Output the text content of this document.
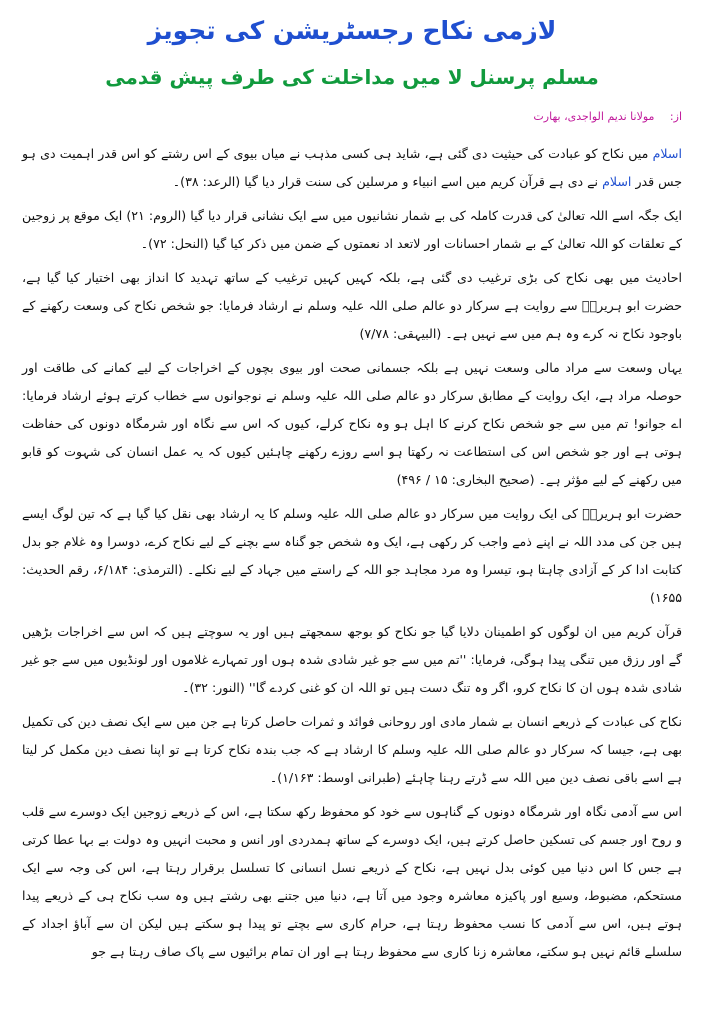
لازمی نکاح رجسٹریشن کی تجویز
مسلم پرسنل لا میں مداخلت کی طرف پیش قدمی
از: مولانا ندیم الواجدی، بھارت

اسلام میں نکاح کو عبادت کی حیثیت دی گئی ہے، شاید ہی کسی مذہب نے میاں بیوی کے اس رشتے کو اس قدر اہمیت دی ہو جس قدر اسلام نے دی ہے قرآن کریم میں اسے انبیاء و مرسلین کی سنت قرار دیا گیا (الرعد: ۳۸)۔

ایک جگہ اسے اللہ تعالیٰ کی قدرت کاملہ کی بے شمار نشانیوں میں سے ایک نشانی قرار دیا گیا (الروم: ۲۱) ایک موقع پر زوجین کے تعلقات کو اللہ تعالیٰ کے بے شمار احسانات اور لاتعد اد نعمتوں کے ضمن میں ذکر کیا گیا (النحل: ۷۲)۔

احادیث میں بھی نکاح کی بڑی ترغیب دی گئی ہے، بلکہ کہیں کہیں ترغیب کے ساتھ تہدید کا انداز بھی اختیار کیا گیا ہے، حضرت ابو ہریرہؓ سے روایت ہے سرکار دو عالم صلی اللہ علیہ وسلم نے ارشاد فرمایا: جو شخص نکاح کی وسعت رکھنے کے باوجود نکاح نہ کرے وہ ہم میں سے نہیں ہے۔ (البیہقی: ۷/۷۸)

یہاں وسعت سے مراد مالی وسعت نہیں ہے بلکہ جسمانی صحت اور بیوی بچوں کے اخراجات کے لیے کمانے کی طاقت اور حوصلہ مراد ہے، ایک روایت کے مطابق سرکار دو عالم صلی اللہ علیہ وسلم نے نوجوانوں سے خطاب کرتے ہوئے ارشاد فرمایا: اے جوانو! تم میں سے جو شخص نکاح کرنے کا اہل ہو وہ نکاح کرلے، کیوں کہ اس سے نگاہ اور شرمگاہ دونوں کی حفاظت ہوتی ہے اور جو شخص اس کی استطاعت نہ رکھتا ہو اسے روزے رکھنے چاہئیں کیوں کہ یہ عمل انسان کی شہوت کو قابو میں رکھنے کے لیے مؤثر ہے۔ (صحیح البخاری: ۱۵ / ۴۹۶)

حضرت ابو ہریرہؓ کی ایک روایت میں سرکار دو عالم صلی اللہ علیہ وسلم کا یہ ارشاد بھی نقل کیا گیا ہے کہ تین لوگ ایسے ہیں جن کی مدد اللہ نے اپنے ذمے واجب کر رکھی ہے، ایک وہ شخص جو گناہ سے بچنے کے لیے نکاح کرے، دوسرا وہ غلام جو بدل کتابت ادا کر کے آزادی چاہتا ہو، تیسرا وہ مرد مجاہد جو اللہ کے راستے میں جہاد کے لیے نکلے۔ (الترمذی: ۶/۱۸۴، رقم الحدیث: ۱۶۵۵)

قرآن کریم میں ان لوگوں کو اطمینان دلایا گیا جو نکاح کو بوجھ سمجھتے ہیں اور یہ سوچتے ہیں کہ اس سے اخراجات بڑھیں گے اور رزق میں تنگی پیدا ہوگی، فرمایا: ''تم میں سے جو غیر شادی شدہ ہوں اور تمہارے غلاموں اور لونڈیوں میں سے جو غیر شادی شدہ ہوں ان کا نکاح کرو، اگر وہ تنگ دست ہیں تو اللہ ان کو غنی کردے گا'' (النور: ۳۲)۔

نکاح کی عبادت کے ذریعے انسان بے شمار مادی اور روحانی فوائد و ثمرات حاصل کرتا ہے جن میں سے ایک نصف دین کی تکمیل بھی ہے، جیسا کہ سرکار دو عالم صلی اللہ علیہ وسلم کا ارشاد ہے کہ جب بندہ نکاح کرتا ہے تو اپنا نصف دین مکمل کر لیتا ہے اسے باقی نصف دین میں اللہ سے ڈرتے رہنا چاہئے (طبرانی اوسط: ۱/۱۶۳)۔

اس سے آدمی نگاہ اور شرمگاہ دونوں کے گناہوں سے خود کو محفوظ رکھ سکتا ہے، اس کے ذریعے زوجین ایک دوسرے سے قلب و روح اور جسم کی تسکین حاصل کرتے ہیں، ایک دوسرے کے ساتھ ہمدردی اور انس و محبت انہیں وہ دولت بے بہا عطا کرتی ہے جس کا اس دنیا میں کوئی بدل نہیں ہے، نکاح کے ذریعے نسل انسانی کا تسلسل برقرار رہتا ہے، اس کی وجہ سے ایک مستحکم، مضبوط، وسیع اور پاکیزہ معاشرہ وجود میں آتا ہے، دنیا میں جتنے بھی رشتے ہیں وہ سب نکاح ہی کے ذریعے پیدا ہوتے ہیں، اس سے آدمی کا نسب محفوظ رہتا ہے، حرام کاری سے بچتے تو پیدا ہو سکتے ہیں لیکن ان سے آباؤ اجداد کے سلسلے قائم نہیں ہو سکتے، معاشرہ زنا کاری سے محفوظ رہتا ہے اور ان تمام برائیوں سے پاک صاف رہتا ہے جو
